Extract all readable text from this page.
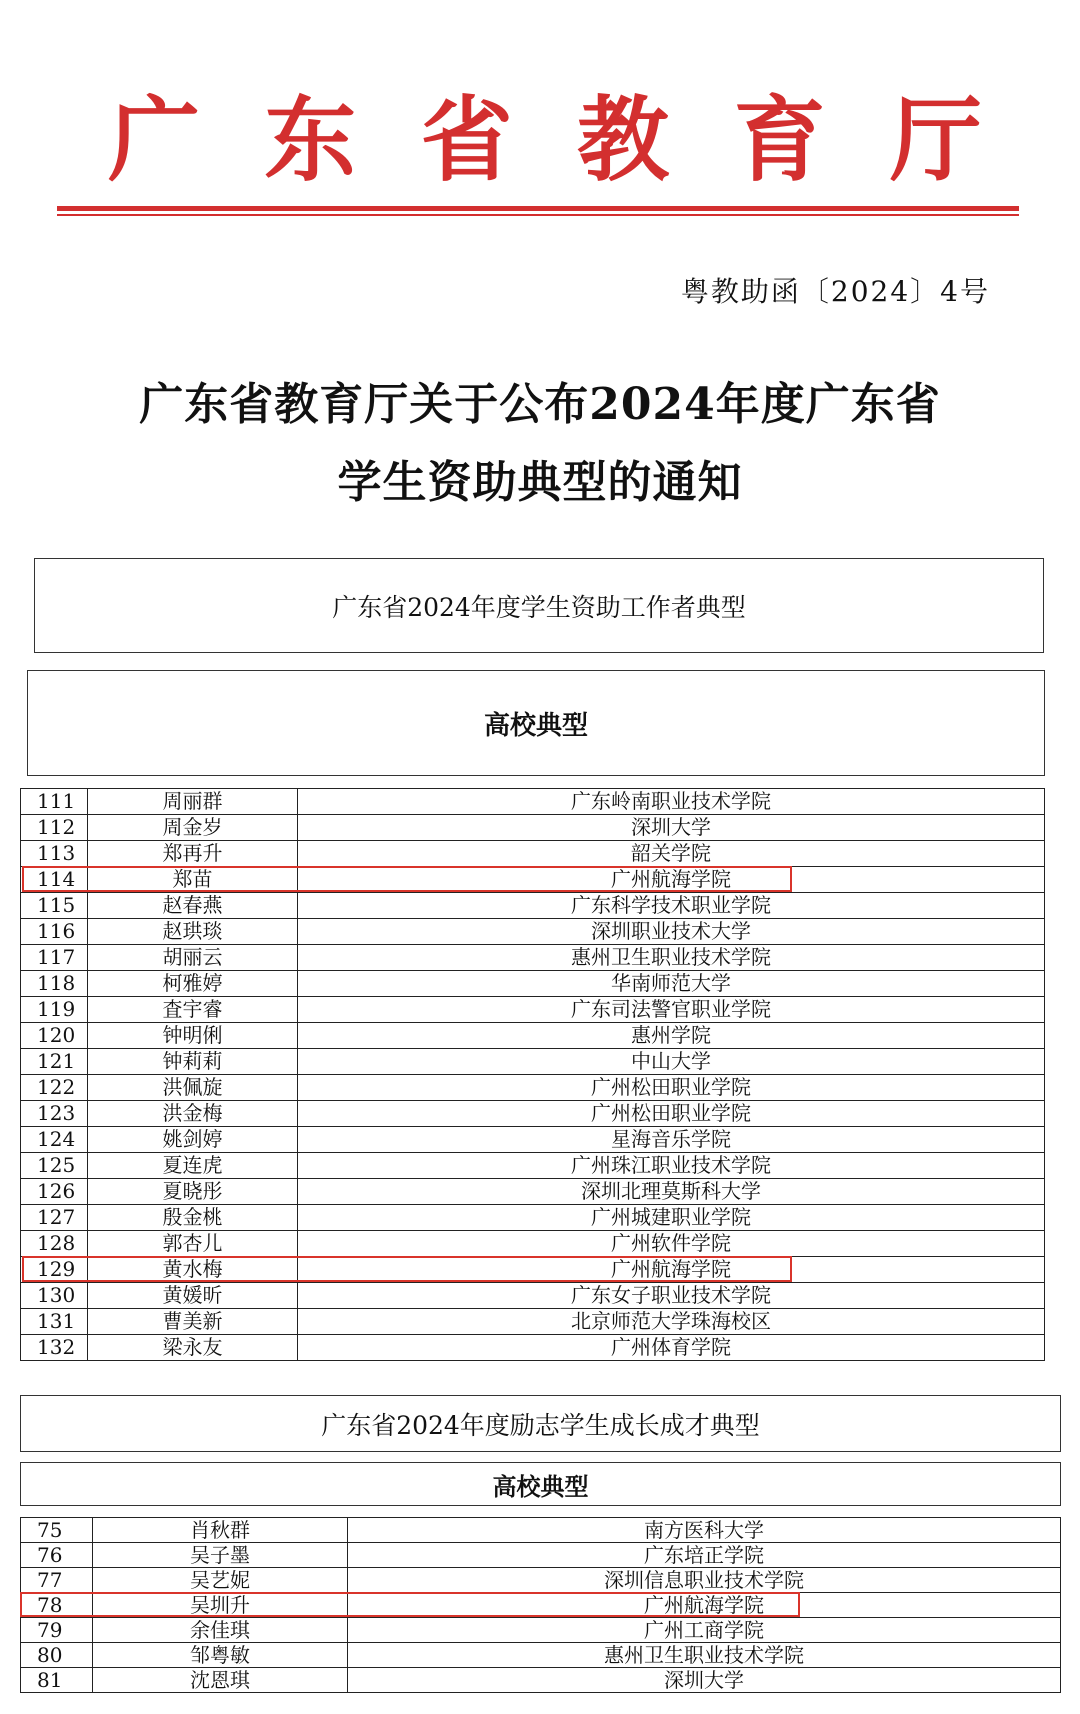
广 东 省 教 育 厅
粤教助函〔2024〕4号
广东省教育厅关于公布2024年度广东省
学生资助典型的通知
广东省2024年度学生资助工作者典型
高校典型
111	周丽群	广东岭南职业技术学院
112	周金岁	深圳大学
113	郑再升	韶关学院
114	郑苗	广州航海学院
115	赵春燕	广东科学技术职业学院
116	赵珙琰	深圳职业技术大学
117	胡丽云	惠州卫生职业技术学院
118	柯雅婷	华南师范大学
119	査宇睿	广东司法警官职业学院
120	钟明俐	惠州学院
121	钟莉莉	中山大学
122	洪佩旋	广州松田职业学院
123	洪金梅	广州松田职业学院
124	姚剑婷	星海音乐学院
125	夏连虎	广州珠江职业技术学院
126	夏晓彤	深圳北理莫斯科大学
127	殷金桃	广州城建职业学院
128	郭杏儿	广州软件学院
129	黄水梅	广州航海学院
130	黄媛昕	广东女子职业技术学院
131	曹美新	北京师范大学珠海校区
132	梁永友	广州体育学院
广东省2024年度励志学生成长成才典型
高校典型
75	肖秋群	南方医科大学
76	吴子墨	广东培正学院
77	吴艺妮	深圳信息职业技术学院
78	吴圳升	广州航海学院
79	余佳琪	广州工商学院
80	邹粤敏	惠州卫生职业技术学院
81	沈恩琪	深圳大学
